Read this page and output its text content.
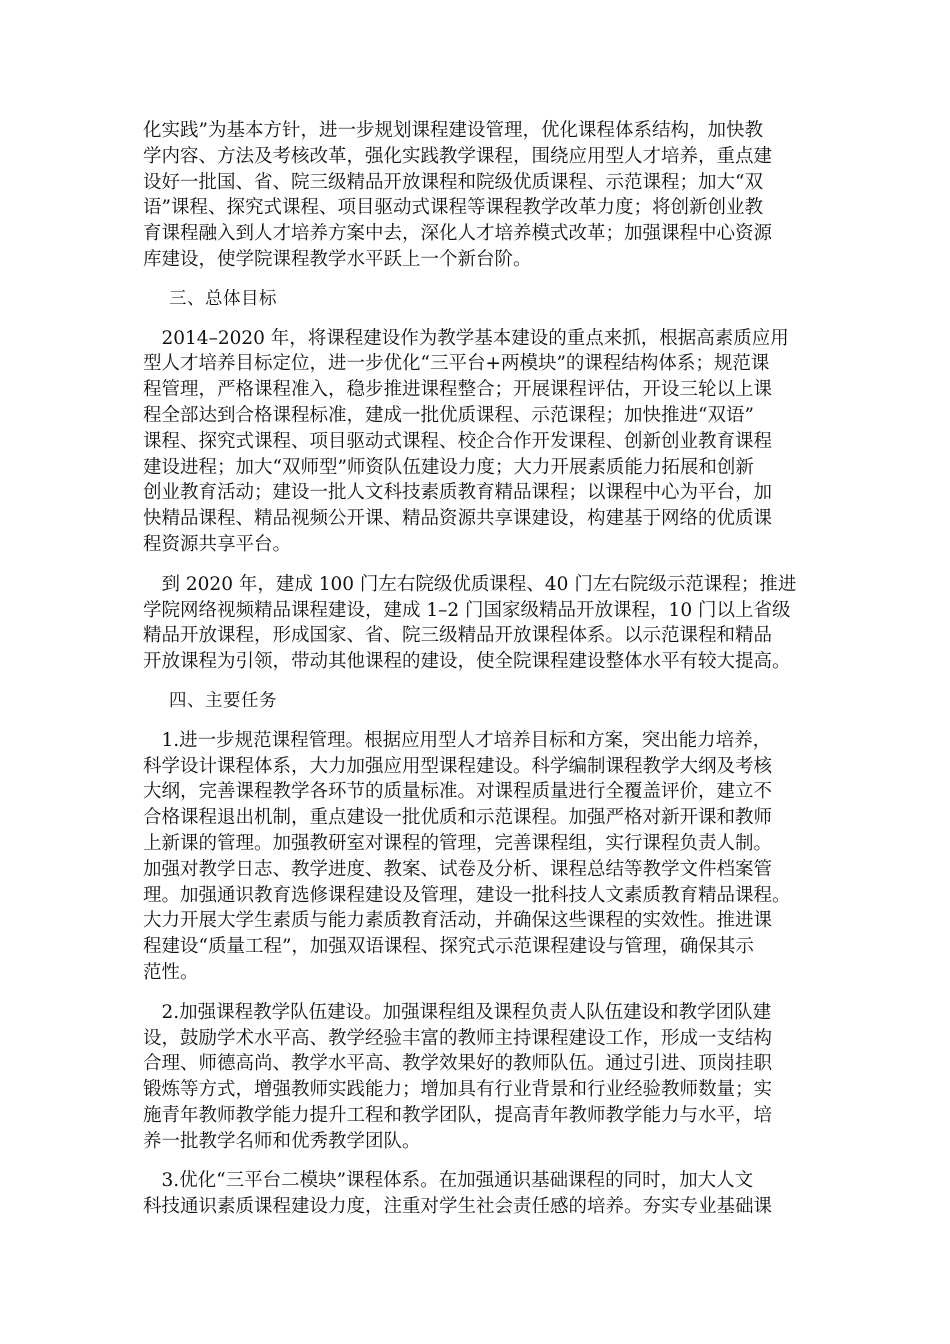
化实践”为基本方针，进一步规划课程建设管理，优化课程体系结构，加快教
学内容、方法及考核改革，强化实践教学课程，围绕应用型人才培养，重点建
设好一批国、省、院三级精品开放课程和院级优质课程、示范课程；加大“双
语”课程、探究式课程、项目驱动式课程等课程教学改革力度；将创新创业教
育课程融入到人才培养方案中去，深化人才培养模式改革；加强课程中心资源
库建设，使学院课程教学水平跃上一个新台阶。
三、总体目标
　2014–2020 年，将课程建设作为教学基本建设的重点来抓，根据高素质应用
型人才培养目标定位，进一步优化“三平台+两模块”的课程结构体系；规范课
程管理，严格课程准入，稳步推进课程整合；开展课程评估，开设三轮以上课
程全部达到合格课程标准，建成一批优质课程、示范课程；加快推进“双语”
课程、探究式课程、项目驱动式课程、校企合作开发课程、创新创业教育课程
建设进程；加大“双师型”师资队伍建设力度；大力开展素质能力拓展和创新
创业教育活动；建设一批人文科技素质教育精品课程；以课程中心为平台，加
快精品课程、精品视频公开课、精品资源共享课建设，构建基于网络的优质课
程资源共享平台。
　到 2020 年，建成 100 门左右院级优质课程、40 门左右院级示范课程；推进
学院网络视频精品课程建设，建成 1–2 门国家级精品开放课程，10 门以上省级
精品开放课程，形成国家、省、院三级精品开放课程体系。以示范课程和精品
开放课程为引领，带动其他课程的建设，使全院课程建设整体水平有较大提高。
四、主要任务
　1.进一步规范课程管理。根据应用型人才培养目标和方案，突出能力培养，
科学设计课程体系，大力加强应用型课程建设。科学编制课程教学大纲及考核
大纲，完善课程教学各环节的质量标准。对课程质量进行全覆盖评价，建立不
合格课程退出机制，重点建设一批优质和示范课程。加强严格对新开课和教师
上新课的管理。加强教研室对课程的管理，完善课程组，实行课程负责人制。
加强对教学日志、教学进度、教案、试卷及分析、课程总结等教学文件档案管
理。加强通识教育选修课程建设及管理，建设一批科技人文素质教育精品课程。
大力开展大学生素质与能力素质教育活动，并确保这些课程的实效性。推进课
程建设“质量工程”，加强双语课程、探究式示范课程建设与管理，确保其示
范性。
　2.加强课程教学队伍建设。加强课程组及课程负责人队伍建设和教学团队建
设，鼓励学术水平高、教学经验丰富的教师主持课程建设工作，形成一支结构
合理、师德高尚、教学水平高、教学效果好的教师队伍。通过引进、顶岗挂职
锻炼等方式，增强教师实践能力；增加具有行业背景和行业经验教师数量；实
施青年教师教学能力提升工程和教学团队，提高青年教师教学能力与水平，培
养一批教学名师和优秀教学团队。
　3.优化“三平台二模块”课程体系。在加强通识基础课程的同时，加大人文
科技通识素质课程建设力度，注重对学生社会责任感的培养。夯实专业基础课
